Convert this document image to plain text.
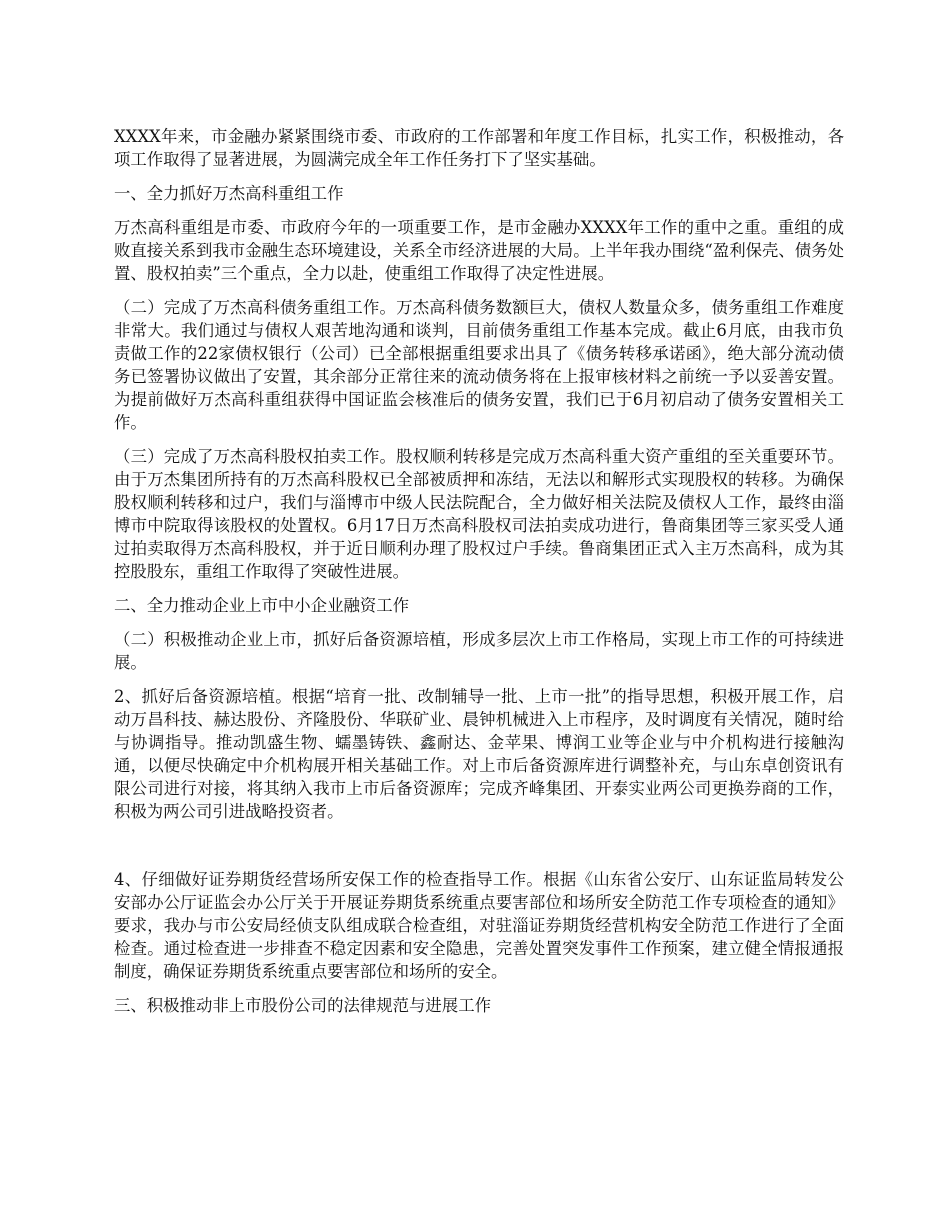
XXXX年来，市金融办紧紧围绕市委、市政府的工作部署和年度工作目标，扎实工作，积极推动，各项工作取得了显著进展，为圆满完成全年工作任务打下了坚实基础。

一、全力抓好万杰高科重组工作

万杰高科重组是市委、市政府今年的一项重要工作，是市金融办XXXX年工作的重中之重。重组的成败直接关系到我市金融生态环境建设，关系全市经济进展的大局。上半年我办围绕“盈利保壳、债务处置、股权拍卖”三个重点，全力以赴，使重组工作取得了决定性进展。

（二）完成了万杰高科债务重组工作。万杰高科债务数额巨大，债权人数量众多，债务重组工作难度非常大。我们通过与债权人艰苦地沟通和谈判，目前债务重组工作基本完成。截止6月底，由我市负责做工作的22家债权银行（公司）已全部根据重组要求出具了《债务转移承诺函》，绝大部分流动债务已签署协议做出了安置，其余部分正常往来的流动债务将在上报审核材料之前统一予以妥善安置。为提前做好万杰高科重组获得中国证监会核准后的债务安置，我们已于6月初启动了债务安置相关工作。

（三）完成了万杰高科股权拍卖工作。股权顺利转移是完成万杰高科重大资产重组的至关重要环节。由于万杰集团所持有的万杰高科股权已全部被质押和冻结，无法以和解形式实现股权的转移。为确保股权顺利转移和过户，我们与淄博市中级人民法院配合，全力做好相关法院及债权人工作，最终由淄博市中院取得该股权的处置权。6月17日万杰高科股权司法拍卖成功进行，鲁商集团等三家买受人通过拍卖取得万杰高科股权，并于近日顺利办理了股权过户手续。鲁商集团正式入主万杰高科，成为其控股股东，重组工作取得了突破性进展。

二、全力推动企业上市中小企业融资工作

（二）积极推动企业上市，抓好后备资源培植，形成多层次上市工作格局，实现上市工作的可持续进展。

2、抓好后备资源培植。根据“培育一批、改制辅导一批、上市一批”的指导思想，积极开展工作，启动万昌科技、赫达股份、齐隆股份、华联矿业、晨钟机械进入上市程序，及时调度有关情况，随时给与协调指导。推动凯盛生物、蠕墨铸铁、鑫耐达、金苹果、博润工业等企业与中介机构进行接触沟通，以便尽快确定中介机构展开相关基础工作。对上市后备资源库进行调整补充，与山东卓创资讯有限公司进行对接，将其纳入我市上市后备资源库；完成齐峰集团、开泰实业两公司更换券商的工作，积极为两公司引进战略投资者。

4、仔细做好证券期货经营场所安保工作的检查指导工作。根据《山东省公安厅、山东证监局转发公安部办公厅证监会办公厅关于开展证券期货系统重点要害部位和场所安全防范工作专项检查的通知》要求，我办与市公安局经侦支队组成联合检查组，对驻淄证券期货经营机构安全防范工作进行了全面检查。通过检查进一步排查不稳定因素和安全隐患，完善处置突发事件工作预案，建立健全情报通报制度，确保证券期货系统重点要害部位和场所的安全。

三、积极推动非上市股份公司的法律规范与进展工作
